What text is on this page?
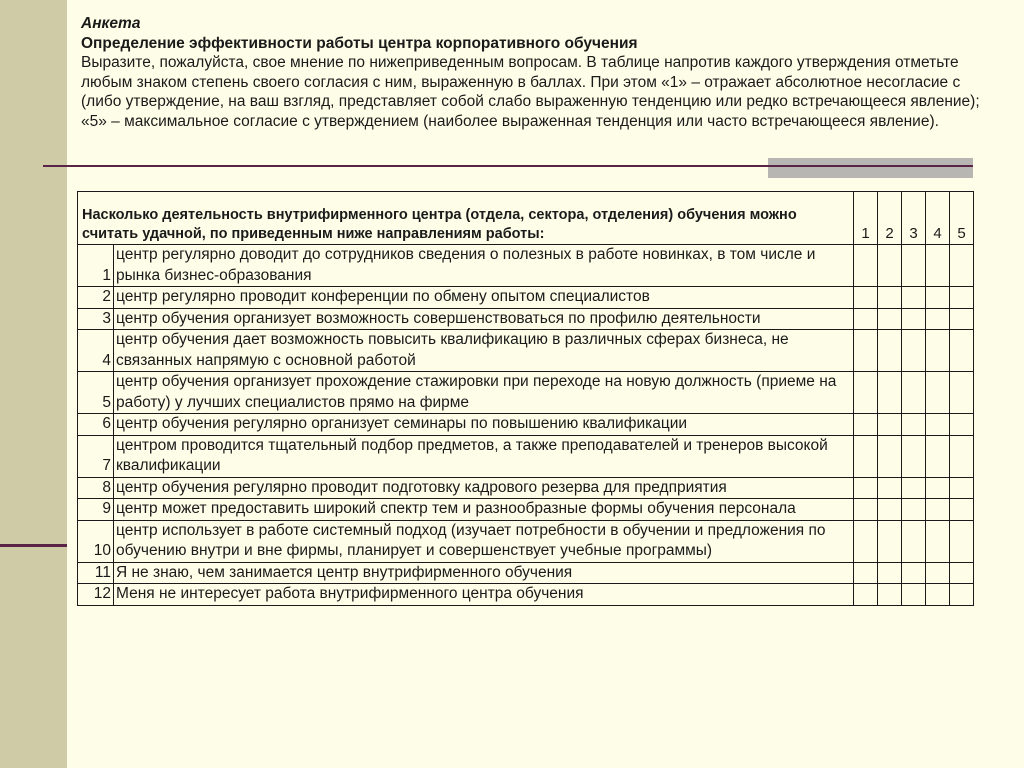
Анкета
Определение эффективности работы центра корпоративного обучения

Выразите, пожалуйста, свое мнение по нижеприведенным вопросам. В таблице напротив каждого утверждения отметьте любым знаком степень своего согласия с ним, выраженную в баллах. При этом «1» – отражает абсолютное несогласие с (либо утверждение, на ваш взгляд, представляет собой слабо выраженную тенденцию или редко встречающееся явление); «5» – максимальное согласие с утверждением (наиболее выраженная тенденция или часто встречающееся явление).

Насколько деятельность внутрифирменного центра (отдела, сектора, отделения) обучения можно считать удачной, по приведенным ниже направлениям работы:		1	2	3	4	5
1	центр регулярно доводит до сотрудников сведения о полезных в работе новинках, в том числе и рынка бизнес-образования					
2	центр регулярно проводит конференции по обмену опытом специалистов					
3	центр обучения организует возможность совершенствоваться по профилю деятельности					
4	центр обучения дает возможность повысить квалификацию в различных сферах бизнеса, не связанных напрямую с основной работой					
5	центр обучения организует прохождение стажировки при переходе на новую должность (приеме на работу) у лучших специалистов прямо на фирме					
6	центр обучения регулярно организует семинары по повышению квалификации					
7	центром проводится тщательный подбор предметов, а также преподавателей и тренеров высокой квалификации					
8	центр обучения регулярно проводит подготовку кадрового резерва для предприятия					
9	центр может предоставить широкий спектр тем и разнообразные формы обучения персонала					
10	центр использует в работе системный подход (изучает потребности в обучении и предложения по обучению внутри и вне фирмы, планирует и совершенствует учебные программы)					
11	Я не знаю, чем занимается центр внутрифирменного обучения					
12	Меня не интересует работа внутрифирменного центра обучения					
